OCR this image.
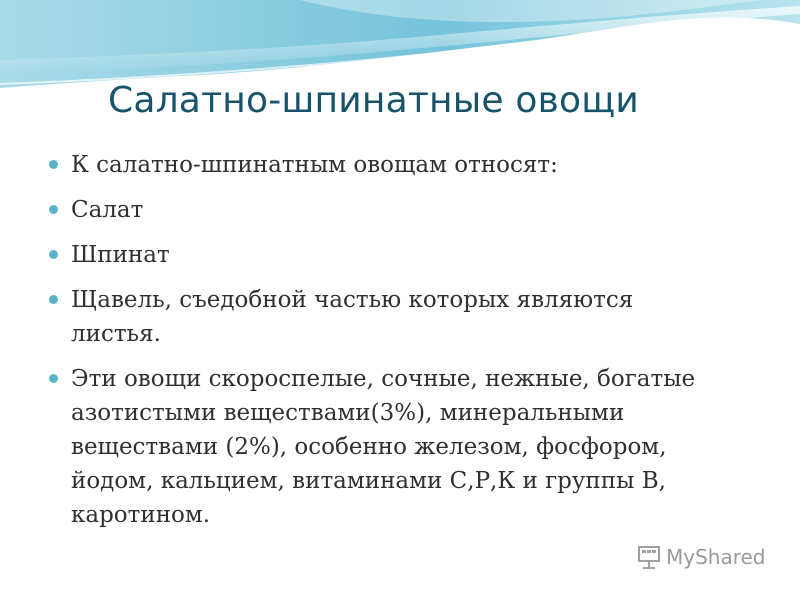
Салатно-шпинатные овощи
К салатно-шпинатным овощам относят:
Салат
Шпинат
Щавель, съедобной частью которых являются
листья.
Эти овощи скороспелые, сочные, нежные, богатые
азотистыми веществами(3%), минеральными
веществами (2%), особенно железом, фосфором,
йодом, кальцием, витаминами С,Р,К и группы В,
каротином.
MyShared
